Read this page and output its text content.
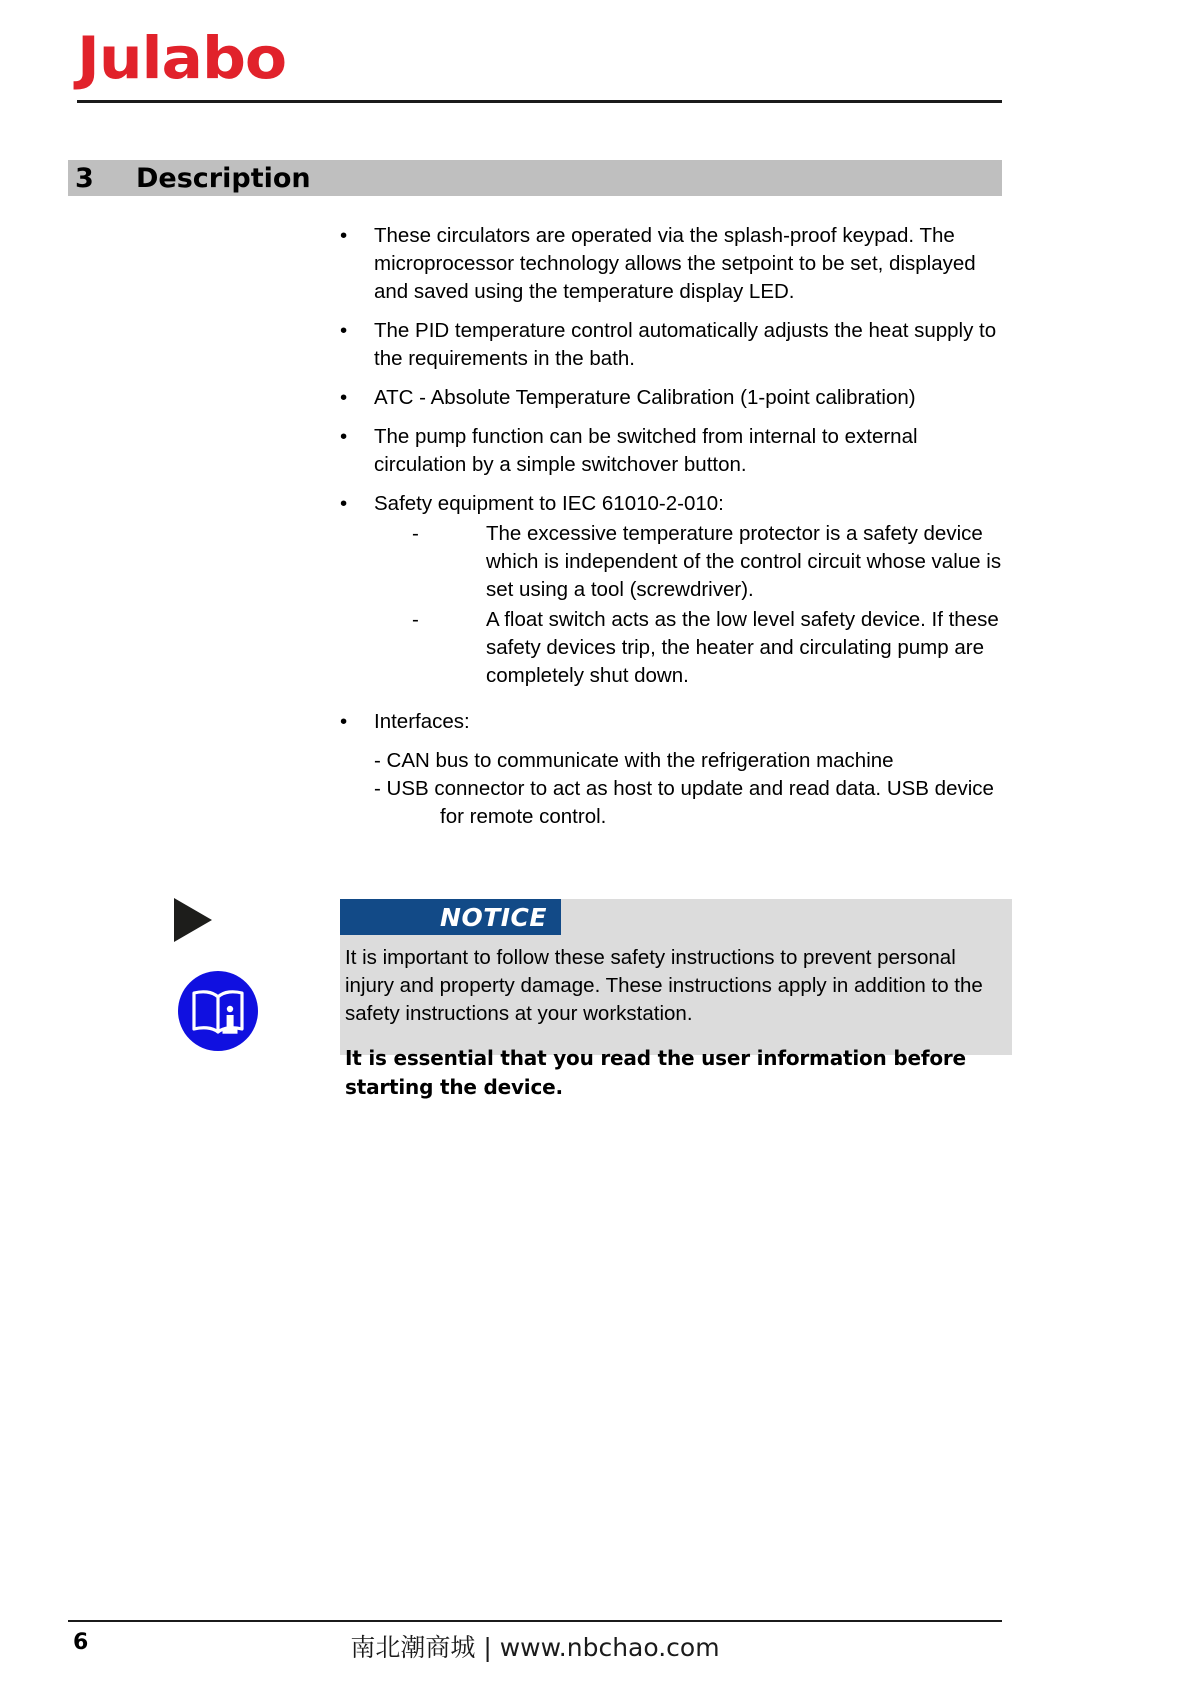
Julabo
3	Description
• These circulators are operated via the splash-proof keypad. The microprocessor technology allows the setpoint to be set, displayed and saved using the temperature display LED.
• The PID temperature control automatically adjusts the heat supply to the requirements in the bath.
• ATC - Absolute Temperature Calibration (1-point calibration)
• The pump function can be switched from internal to external circulation by a simple switchover button.
• Safety equipment to IEC 61010-2-010:
-	The excessive temperature protector is a safety device which is independent of the control circuit whose value is set using a tool (screwdriver).
-	A float switch acts as the low level safety device. If these safety devices trip, the heater and circulating pump are completely shut down.
• Interfaces:
- CAN bus to communicate with the refrigeration machine
- USB connector to act as host to update and read data. USB device
for remote control.
NOTICE

It is important to follow these safety instructions to prevent personal injury and property damage. These instructions apply in addition to the safety instructions at your workstation.

It is essential that you read the user information before starting the device.

6	南北潮商城 | www.nbchao.com
